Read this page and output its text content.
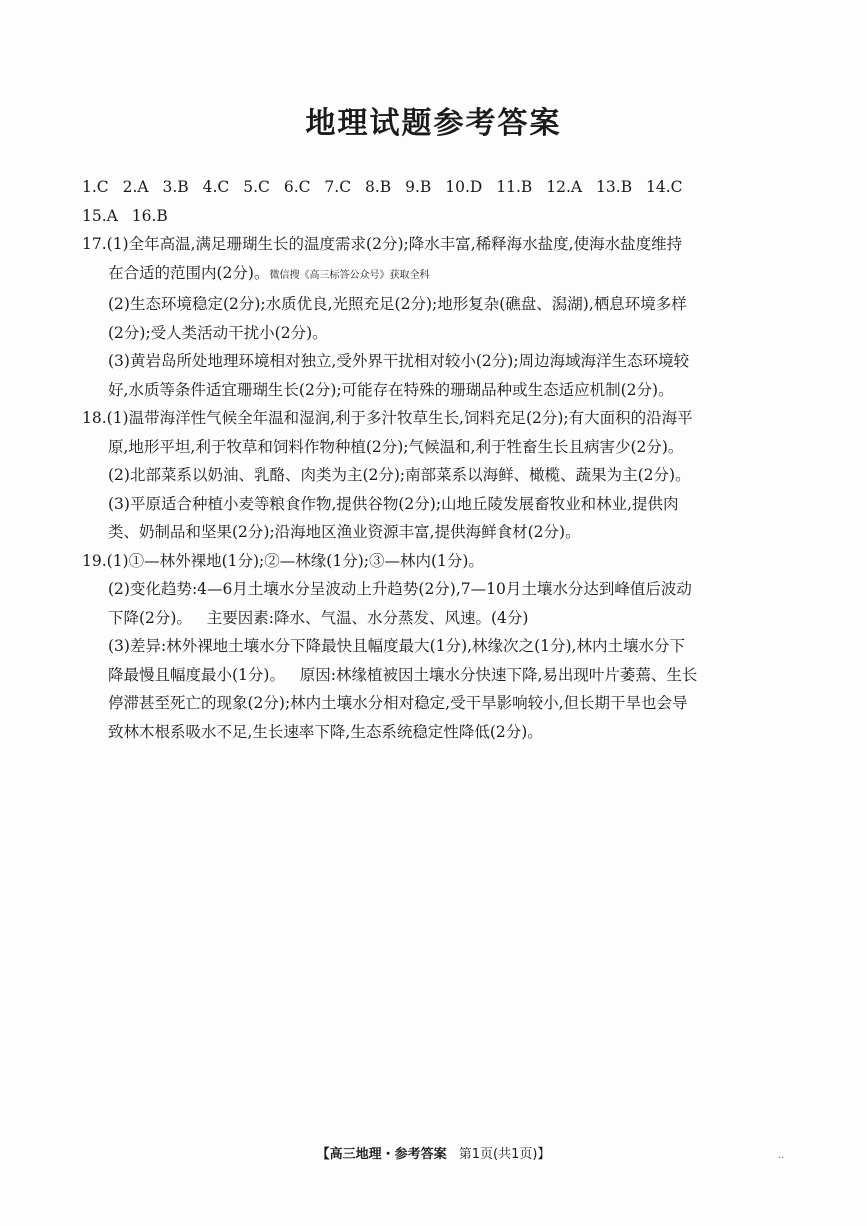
地理试题参考答案
1.C 2.A 3.B 4.C 5.C 6.C 7.C 8.B 9.B 10.D 11.B 12.A 13.B 14.C
15.A 16.B
17.(1)全年高温,满足珊瑚生长的温度需求(2分);降水丰富,稀释海水盐度,使海水盐度维持
在合适的范围内(2分)。微信搜《高三标答公众号》获取全科
(2)生态环境稳定(2分);水质优良,光照充足(2分);地形复杂(礁盘、潟湖),栖息环境多样
(2分);受人类活动干扰小(2分)。
(3)黄岩岛所处地理环境相对独立,受外界干扰相对较小(2分);周边海域海洋生态环境较
好,水质等条件适宜珊瑚生长(2分);可能存在特殊的珊瑚品种或生态适应机制(2分)。
18.(1)温带海洋性气候全年温和湿润,利于多汁牧草生长,饲料充足(2分);有大面积的沿海平
原,地形平坦,利于牧草和饲料作物种植(2分);气候温和,利于牲畜生长且病害少(2分)。
(2)北部菜系以奶油、乳酪、肉类为主(2分);南部菜系以海鲜、橄榄、蔬果为主(2分)。
(3)平原适合种植小麦等粮食作物,提供谷物(2分);山地丘陵发展畜牧业和林业,提供肉
类、奶制品和坚果(2分);沿海地区渔业资源丰富,提供海鲜食材(2分)。
19.(1)①—林外裸地(1分);②—林缘(1分);③—林内(1分)。
(2)变化趋势:4—6月土壤水分呈波动上升趋势(2分),7—10月土壤水分达到峰值后波动
下降(2分)。   主要因素:降水、气温、水分蒸发、风速。(4分)
(3)差异:林外裸地土壤水分下降最快且幅度最大(1分),林缘次之(1分),林内土壤水分下
降最慢且幅度最小(1分)。   原因:林缘植被因土壤水分快速下降,易出现叶片萎蔫、生长
停滞甚至死亡的现象(2分);林内土壤水分相对稳定,受干旱影响较小,但长期干旱也会导
致林木根系吸水不足,生长速率下降,生态系统稳定性降低(2分)。
【高三地理・参考答案 第1页(共1页)】	..
